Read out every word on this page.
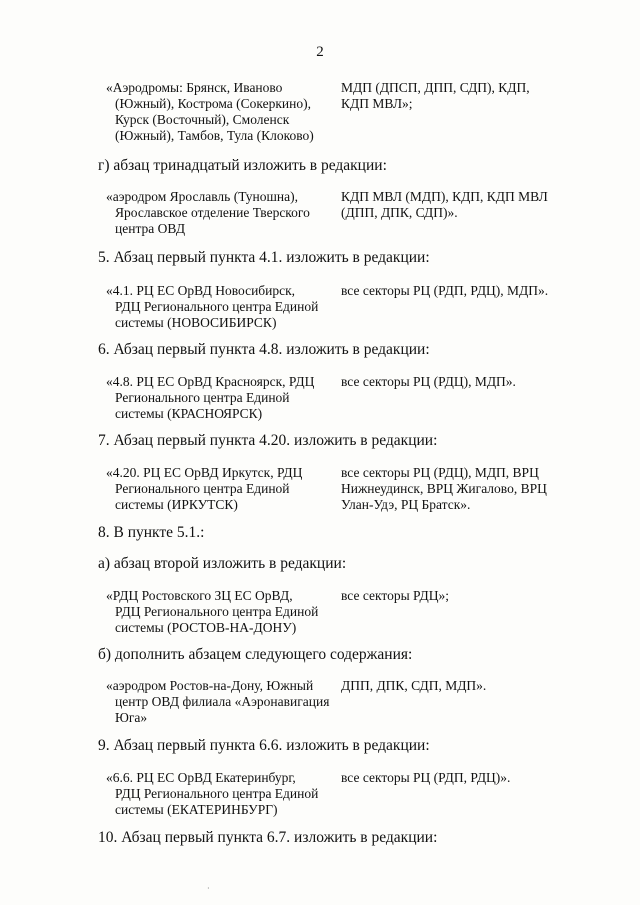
2
«Аэродромы: Брянск, Иваново
(Южный), Кострома (Сокеркино),
Курск (Восточный), Смоленск
(Южный), Тамбов, Тула (Клоково)
МДП (ДПСП, ДПП, СДП), КДП,
КДП МВЛ»;
г) абзац тринадцатый изложить в редакции:
«аэродром Ярославль (Туношна),
Ярославское отделение Тверского
центра ОВД
КДП МВЛ (МДП), КДП, КДП МВЛ
(ДПП, ДПК, СДП)».
5. Абзац первый пункта 4.1. изложить в редакции:
«4.1. РЦ ЕС ОрВД Новосибирск,
РДЦ Регионального центра Единой
системы (НОВОСИБИРСК)
все секторы РЦ (РДП, РДЦ), МДП».
6. Абзац первый пункта 4.8. изложить в редакции:
«4.8. РЦ ЕС ОрВД Красноярск, РДЦ
Регионального центра Единой
системы (КРАСНОЯРСК)
все секторы РЦ (РДЦ), МДП».
7. Абзац первый пункта 4.20. изложить в редакции:
«4.20. РЦ ЕС ОрВД Иркутск, РДЦ
Регионального центра Единой
системы (ИРКУТСК)
все секторы РЦ (РДЦ), МДП, ВРЦ
Нижнеудинск, ВРЦ Жигалово, ВРЦ
Улан-Удэ, РЦ Братск».
8. В пункте 5.1.:
а) абзац второй изложить в редакции:
«РДЦ Ростовского ЗЦ ЕС ОрВД,
РДЦ Регионального центра Единой
системы (РОСТОВ-НА-ДОНУ)
все секторы РДЦ»;
б) дополнить абзацем следующего содержания:
«аэродром Ростов-на-Дону, Южный
центр ОВД филиала «Аэронавигация
Юга»
ДПП, ДПК, СДП, МДП».
9. Абзац первый пункта 6.6. изложить в редакции:
«6.6. РЦ ЕС ОрВД Екатеринбург,
РДЦ Регионального центра Единой
системы (ЕКАТЕРИНБУРГ)
все секторы РЦ (РДП, РДЦ)».
10. Абзац первый пункта 6.7. изложить в редакции:
·
